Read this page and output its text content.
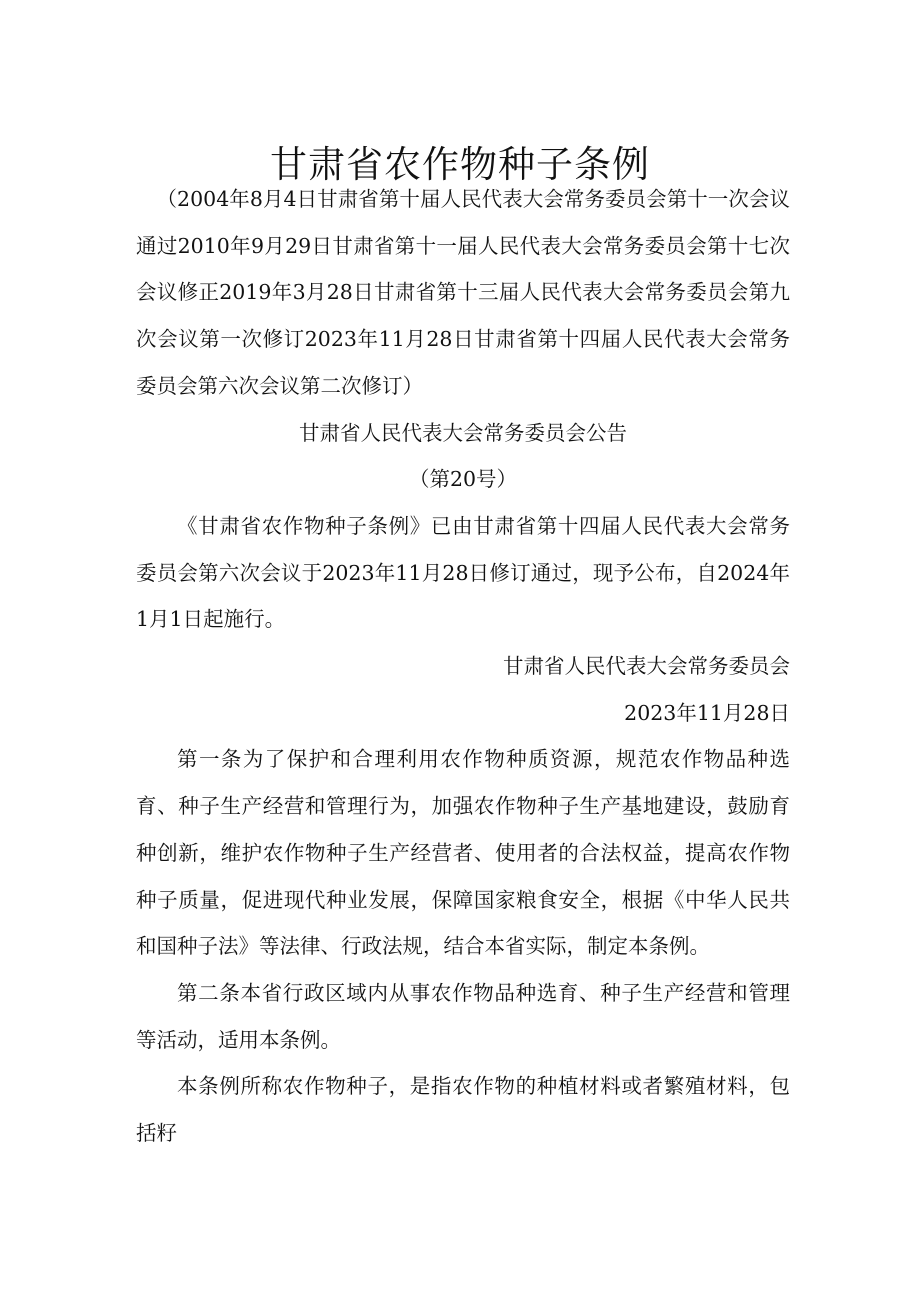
甘肃省农作物种子条例

（2004年8月4日甘肃省第十届人民代表大会常务委员会第十一次会议通过2010年9月29日甘肃省第十一届人民代表大会常务委员会第十七次会议修正2019年3月28日甘肃省第十三届人民代表大会常务委员会第九次会议第一次修订2023年11月28日甘肃省第十四届人民代表大会常务委员会第六次会议第二次修订）

甘肃省人民代表大会常务委员会公告

（第20号）

《甘肃省农作物种子条例》已由甘肃省第十四届人民代表大会常务委员会第六次会议于2023年11月28日修订通过，现予公布，自2024年1月1日起施行。

甘肃省人民代表大会常务委员会

2023年11月28日

第一条为了保护和合理利用农作物种质资源，规范农作物品种选育、种子生产经营和管理行为，加强农作物种子生产基地建设，鼓励育种创新，维护农作物种子生产经营者、使用者的合法权益，提高农作物种子质量，促进现代种业发展，保障国家粮食安全，根据《中华人民共和国种子法》等法律、行政法规，结合本省实际，制定本条例。

第二条本省行政区域内从事农作物品种选育、种子生产经营和管理等活动，适用本条例。

本条例所称农作物种子，是指农作物的种植材料或者繁殖材料，包括籽
